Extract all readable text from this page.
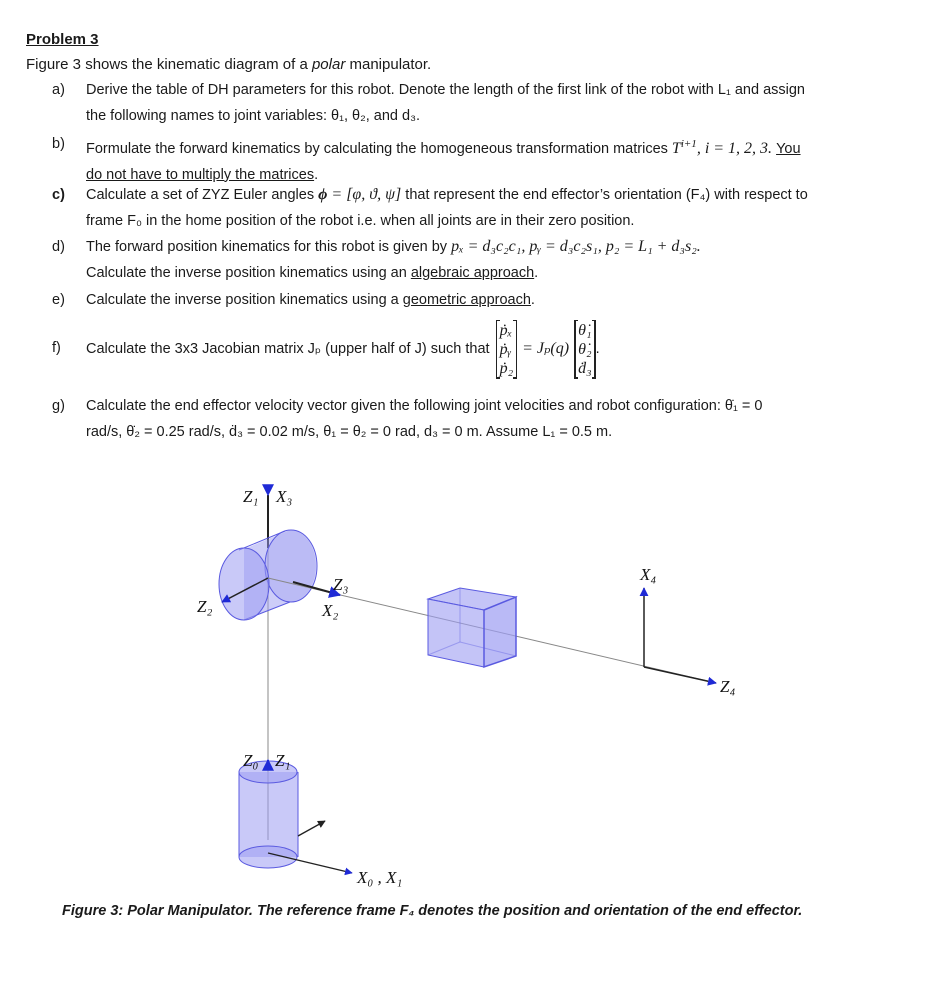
Problem 3
Figure 3 shows the kinematic diagram of a polar manipulator.
a)	Derive the table of DH parameters for this robot. Denote the length of the first link of the robot with L₁ and assign
the following names to joint variables: θ₁, θ₂, and d₃.
b)	Formulate the forward kinematics by calculating the homogeneous transformation matrices $T^{i+1}$, i = 1, 2, 3. You
do not have to multiply the matrices.
c)	Calculate a set of ZYZ Euler angles ϕ = [φ, ϑ, ψ] that represent the end effector’s orientation (F₄) with respect to
frame F₀ in the home position of the robot i.e. when all joints are in their zero position.
d)	The forward position kinematics for this robot is given by pₓ = d₃c₂c₁, pᵧ = d₃c₂s₁, p₂ = L₁ + d₃s₂.
Calculate the inverse position kinematics using an algebraic approach.
e)	Calculate the inverse position kinematics using a geometric approach.
f)	Calculate the 3x3 Jacobian matrix Jₚ (upper half of J) such that
ṗₓ
ṗᵧ
ṗ₂
= Jₚ(q)
θ̇₁
θ̇₂
ḋ₃
.
g)	Calculate the end effector velocity vector given the following joint velocities and robot configuration: θ̇₁ = 0
rad/s, θ̇₂ = 0.25 rad/s, ḋ₃ = 0.02 m/s, θ₁ = θ₂ = 0 rad, d₃ = 0 m. Assume L₁ = 0.5 m.
Z₁ X₃
Z₂
Z₃
X₂
X₄
Z₄
Z₀ Z₁
X₀ , X₁
Figure 3: Polar Manipulator. The reference frame F₄ denotes the position and orientation of the end effector.
